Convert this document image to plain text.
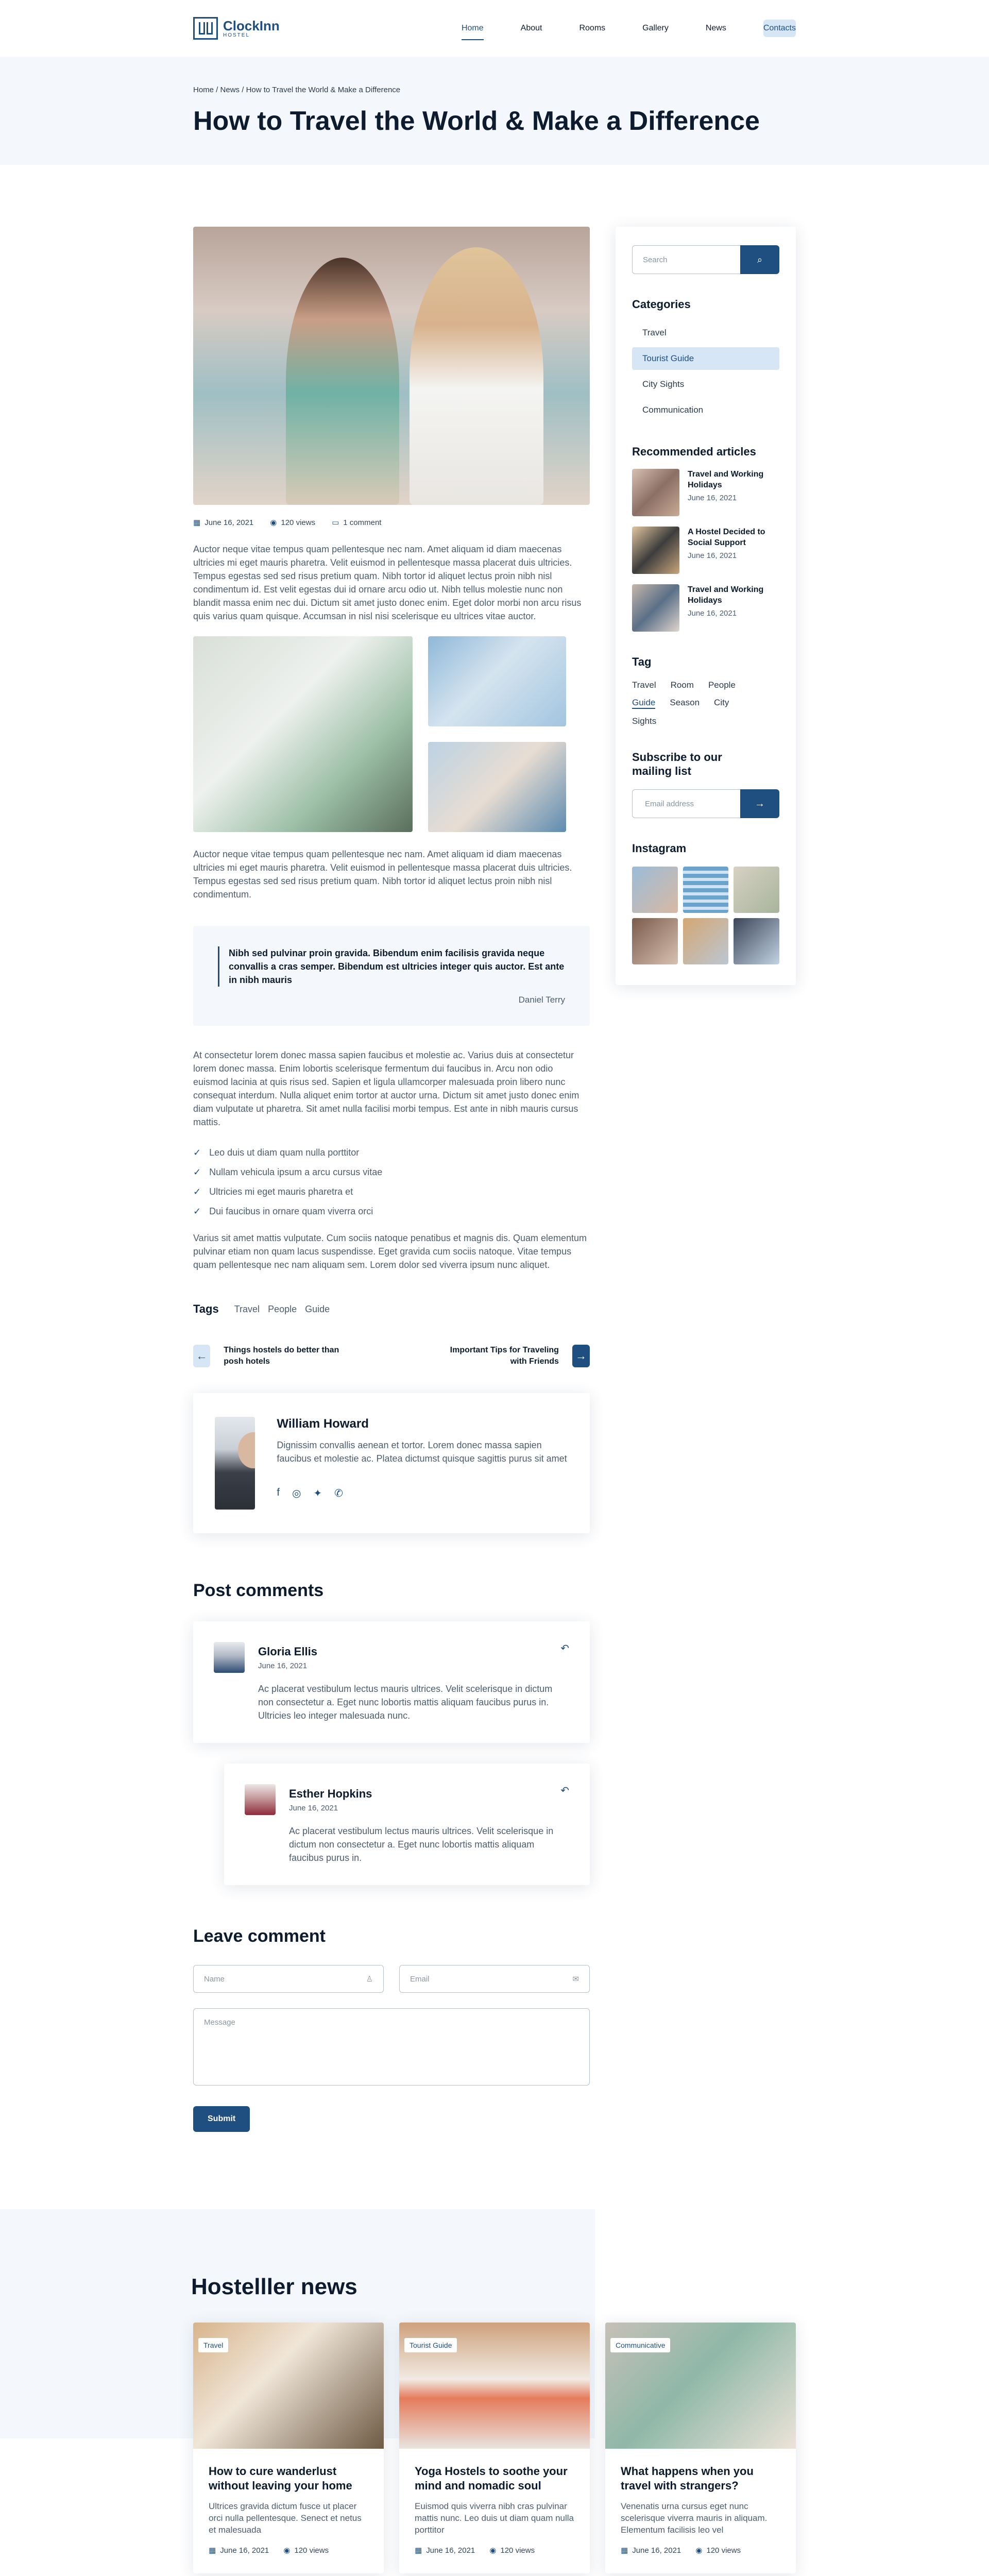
ClockInn
HOSTEL
Home	About	Rooms	Gallery	News	Contacts
Home / News / How to Travel the World & Make a Difference
How to Travel the World & Make a Difference
▦ June 16, 2021 ◉ 120 views ▭ 1 comment

Auctor neque vitae tempus quam pellentesque nec nam. Amet aliquam id diam maecenas ultricies mi eget mauris pharetra. Velit euismod in pellentesque massa placerat duis ultricies. Tempus egestas sed sed risus pretium quam. Nibh tortor id aliquet lectus proin nibh nisl condimentum id. Est velit egestas dui id ornare arcu odio ut. Nibh tellus molestie nunc non blandit massa enim nec dui. Dictum sit amet justo donec enim. Eget dolor morbi non arcu risus quis varius quam quisque. Accumsan in nisl nisi scelerisque eu ultrices vitae auctor.

Auctor neque vitae tempus quam pellentesque nec nam. Amet aliquam id diam maecenas ultricies mi eget mauris pharetra. Velit euismod in pellentesque massa placerat duis ultricies. Tempus egestas sed sed risus pretium quam. Nibh tortor id aliquet lectus proin nibh nisl condimentum.

Nibh sed pulvinar proin gravida. Bibendum enim facilisis gravida neque convallis a cras semper. Bibendum est ultricies integer quis auctor. Est ante in nibh mauris
Daniel Terry

At consectetur lorem donec massa sapien faucibus et molestie ac. Varius duis at consectetur lorem donec massa. Enim lobortis scelerisque fermentum dui faucibus in. Arcu non odio euismod lacinia at quis risus sed. Sapien et ligula ullamcorper malesuada proin libero nunc consequat interdum. Nulla aliquet enim tortor at auctor urna. Dictum sit amet justo donec enim diam vulputate ut pharetra. Sit amet nulla facilisi morbi tempus. Est ante in nibh mauris cursus mattis.

✓ Leo duis ut diam quam nulla porttitor
✓ Nullam vehicula ipsum a arcu cursus vitae
✓ Ultricies mi eget mauris pharetra et
✓ Dui faucibus in ornare quam viverra orci

Varius sit amet mattis vulputate. Cum sociis natoque penatibus et magnis dis. Quam elementum pulvinar etiam non quam lacus suspendisse. Eget gravida cum sociis natoque. Vitae tempus quam pellentesque nec nam aliquam sem. Lorem dolor sed viverra ipsum nunc aliquet.

Tags Travel People Guide
←	Things hostels do better than posh hotels
Important Tips for Traveling with Friends →
William Howard

Dignissim convallis aenean et tortor. Lorem donec massa sapien faucibus et molestie ac. Platea dictumst quisque sagittis purus sit amet

f ◎ ✦ ✆
Post comments
Gloria Ellis
June 16, 2021

Ac placerat vestibulum lectus mauris ultrices. Velit scelerisque in dictum non consectetur a. Eget nunc lobortis mattis aliquam faucibus purus in. Ultricies leo integer malesuada nunc.

↶
Esther Hopkins
June 16, 2021

Ac placerat vestibulum lectus mauris ultrices. Velit scelerisque in dictum non consectetur a. Eget nunc lobortis mattis aliquam faucibus purus in.

↶
Leave comment
Name	♙	Email	✉
Message
Submit
Search	⌕
Categories
Travel
Tourist Guide
City Sights
Communication
Recommended articles
Travel and Working Holidays
June 16, 2021
A Hostel Decided to Social Support
June 16, 2021
Travel and Working Holidays
June 16, 2021
Tag
Travel Room People
Guide Season City
Sights
Subscribe to our mailing list
Email address	→
Instagram
Hostelller news
Travel
How to cure wanderlust without leaving your home
Ultrices gravida dictum fusce ut placer orci nulla pellentesque. Senect et netus et malesuada
▦ June 16, 2021 ◉ 120 views
Tourist Guide
Yoga Hostels to soothe your mind and nomadic soul
Euismod quis viverra nibh cras pulvinar mattis nunc. Leo duis ut diam quam nulla porttitor
▦ June 16, 2021 ◉ 120 views
Communicative
What happens when you travel with strangers?
Venenatis urna cursus eget nunc scelerisque viverra mauris in aliquam. Elementum facilisis leo vel
▦ June 16, 2021 ◉ 120 views
